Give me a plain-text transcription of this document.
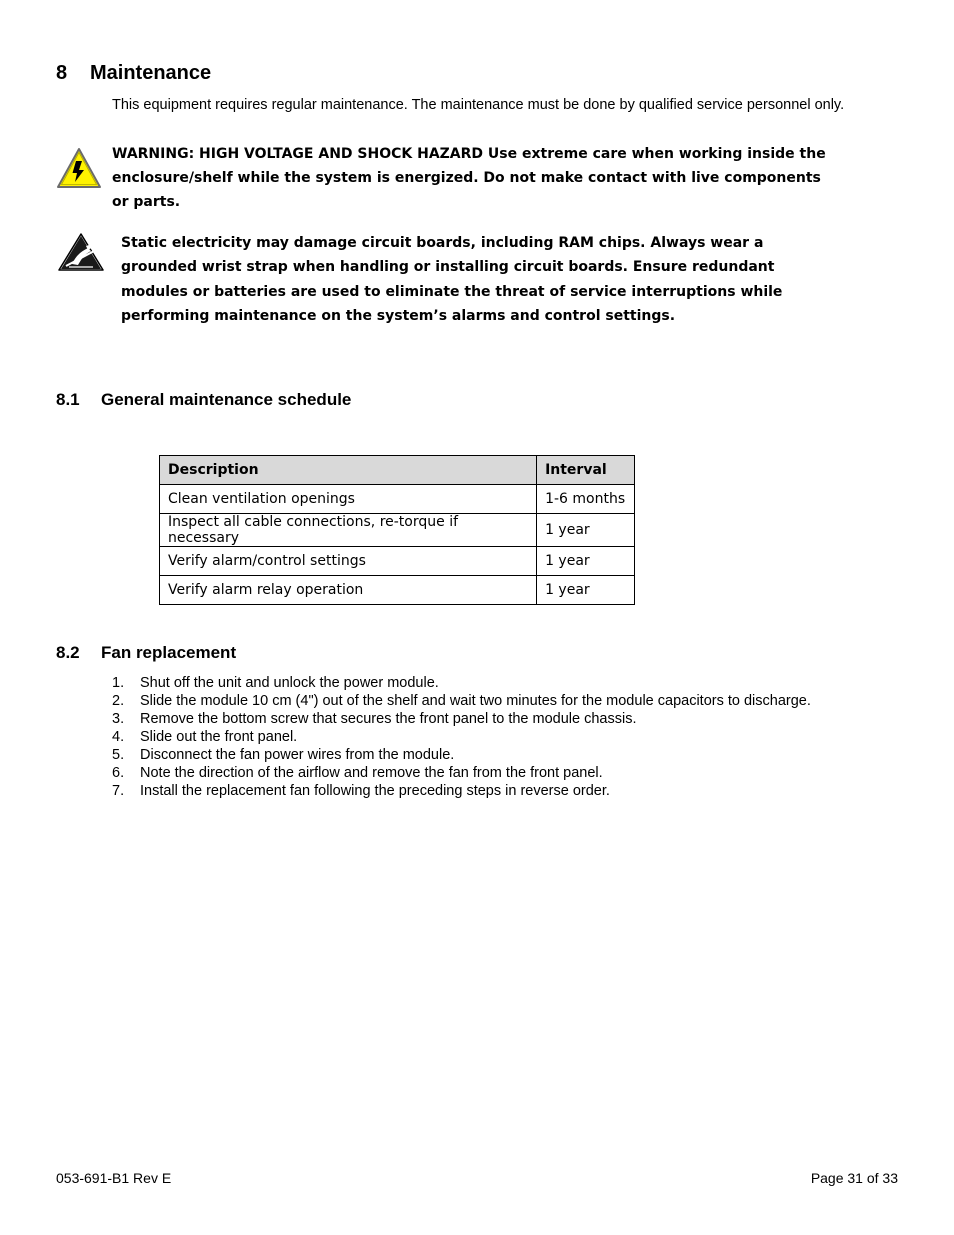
8 Maintenance
This equipment requires regular maintenance. The maintenance must be done by qualified service personnel only.
WARNING: HIGH VOLTAGE AND SHOCK HAZARD Use extreme care when working inside the enclosure/shelf while the system is energized. Do not make contact with live components or parts.
Static electricity may damage circuit boards, including RAM chips. Always wear a grounded wrist strap when handling or installing circuit boards. Ensure redundant modules or batteries are used to eliminate the threat of service interruptions while performing maintenance on the system’s alarms and control settings.
8.1 General maintenance schedule
Description	Interval
Clean ventilation openings	1-6 months
Inspect all cable connections, re-torque if necessary	1 year
Verify alarm/control settings	1 year
Verify alarm relay operation	1 year
8.2 Fan replacement
1. Shut off the unit and unlock the power module.
2. Slide the module 10 cm (4") out of the shelf and wait two minutes for the module capacitors to discharge.
3. Remove the bottom screw that secures the front panel to the module chassis.
4. Slide out the front panel.
5. Disconnect the fan power wires from the module.
6. Note the direction of the airflow and remove the fan from the front panel.
7. Install the replacement fan following the preceding steps in reverse order.
053-691-B1 Rev E	Page 31 of 33
